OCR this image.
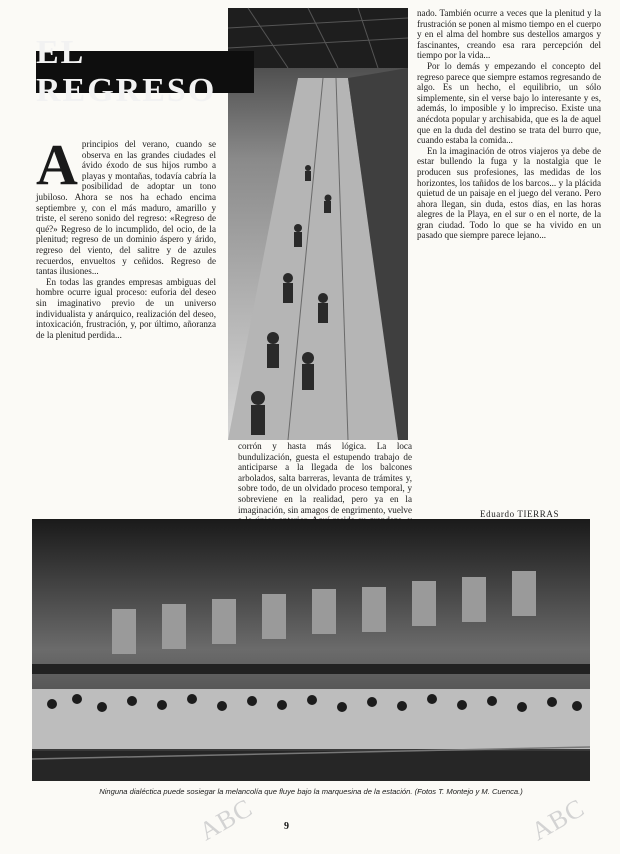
EL REGRESO
A principios del verano, cuando se observa en las grandes ciudades el ávido éxodo de sus hijos rumbo a playas y montañas, todavía cabría la posibilidad de adoptar un tono jubiloso. Ahora se nos ha echado encima septiembre y, con el más maduro, amarillo y triste, el sereno sonido del regreso: «Regreso de qué?» Regreso de lo incumplido, del ocio, de la plenitud; regreso de un dominio áspero y árido, regreso del viento, del salitre y de azules recuerdos, envueltos y ceñidos. Regreso de tantas ilusiones...

En todas las grandes empresas ambiguas del hombre ocurre igual proceso: euforia del deseo sin imaginativo previo de un universo individualista y anárquico, realización del deseo, intoxicación, frustración, y, por último, añoranza de la plenitud perdida...

corrón y hasta más lógica. La loca bundulización, guesta el estupendo trabajo de anticiparse a la llegada de los balcones arbolados, salta barreras, levanta de trámites y, sobre todo, de un olvidado proceso temporal, y sobreviene en la realidad, pero ya en la imaginación, sin amagos de engrimento, vuelve

nado. También ocurre a veces que la plenitud y la frustración se ponen al mismo tiempo en el cuerpo y en el alma del hombre sus destellos amargos y fascinantes, creando esa rara percepción del tiempo por la vida...

Por lo demás y empezando el concepto del regreso parece que siempre estamos regresando de algo. Es un hecho, el equilibrio, un sólo simplemente, sin el verse bajo lo interesante y es, además, lo imposible y lo impreciso. Existe una anécdota popular y archisabida, que es la de aquel que en la duda del destino se trata del burro que, cuando estaba la comida...

En la imaginación de otros viajeros ya debe de estar bullendo la fuga y la nostalgia que le producen sus profesiones, las medidas de los horizontes, los tañidos de los barcos... y la plácida quietud de un paisaje en el juego del verano. Pero ahora llegan, sin duda, estos días, en las horas alegres de la Playa, en el sur o en el norte, de la gran ciudad. Todo lo que se ha vivido en un pasado que siempre parece lejano...

Eduardo TIERRAS
Ninguna dialéctica puede sosiegar la melancolía que fluye bajo la marquesina de la estación. (Fotos T. Montejo y M. Cuenca.)
ABC	9	ABC
